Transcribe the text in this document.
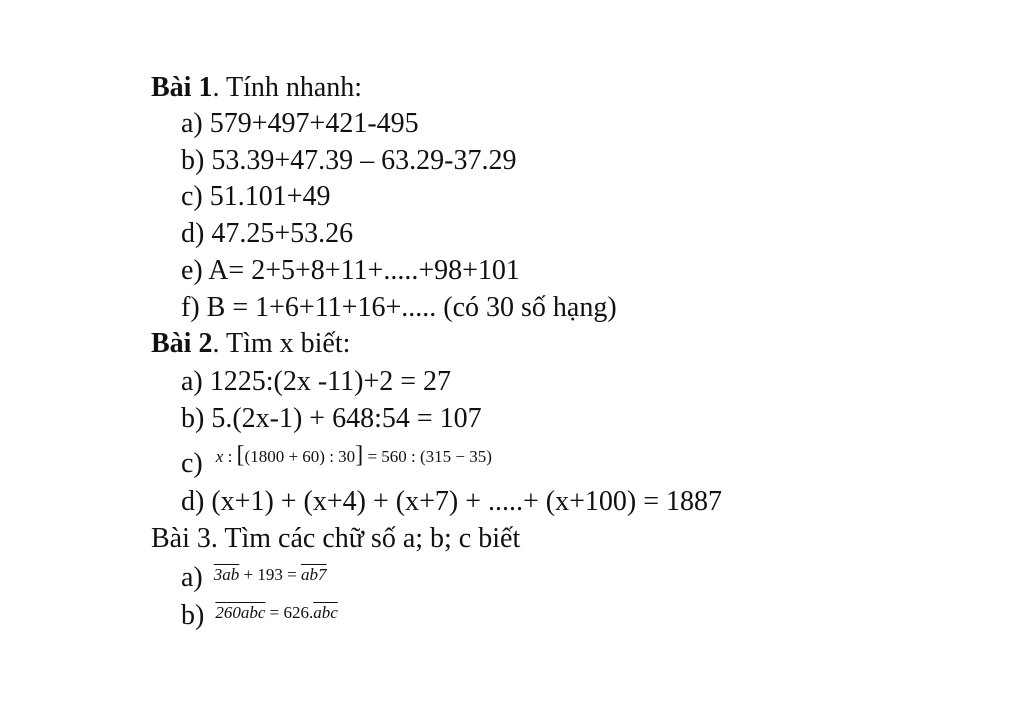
Bài 1. Tính nhanh:
a) 579+497+421-495
b) 53.39+47.39 – 63.29-37.29
c) 51.101+49
d) 47.25+53.26
e) A= 2+5+8+11+.....+98+101
f) B = 1+6+11+16+..... (có 30 số hạng)
Bài 2. Tìm x biết:
a) 1225:(2x -11)+2 = 27
b) 5.(2x-1) + 648:54 = 107
c) $^{x : [(1800 + 60) : 30] = 560 : (315 - 35)}$
d) (x+1) + (x+4) + (x+7) + .....+ (x+100) = 1887
Bài 3. Tìm các chữ số a; b; c biết
a) $^{3ab + 193 = ab7}$
b) $^{260abc = 626.\overline{abc}}$
